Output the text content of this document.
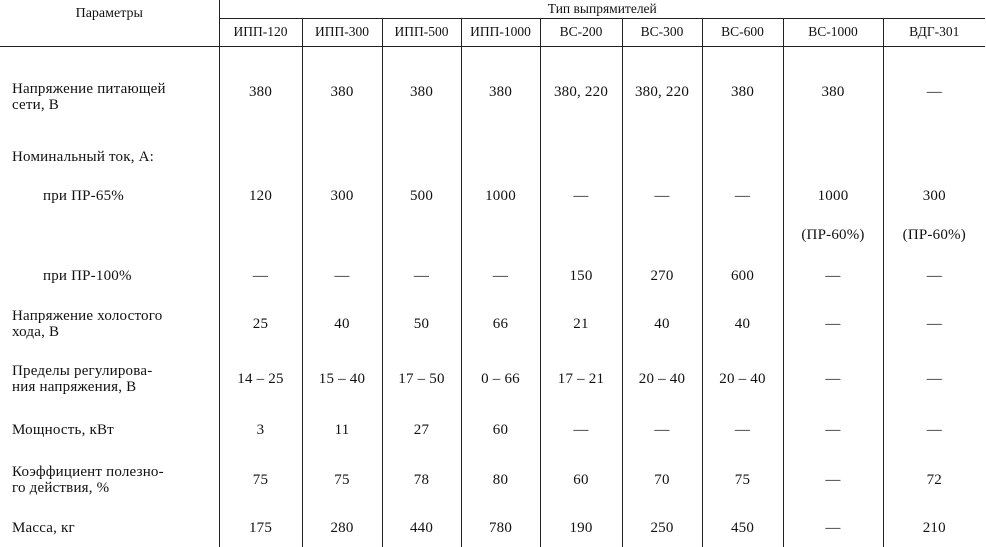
Параметры	Тип выпрямителей								
	ИПП-120	ИПП-300	ИПП-500	ИПП-1000	ВС-200	ВС-300	ВС-600	ВС-1000	ВДГ-301

Напряжение питающей
сети, В	380	380	380	380	380, 220	380, 220	380	380	—

Номинальный ток, А:									

при ПР-65%	120	300	500	1000	—	—	—	1000	300

								(ПР-60%)	(ПР-60%)

при ПР-100%	—	—	—	—	150	270	600	—	—

Напряжение холостого
хода, В	25	40	50	66	21	40	40	—	—

Пределы регулирова-
ния напряжения, В	14 – 25	15 – 40	17 – 50	0 – 66	17 – 21	20 – 40	20 – 40	—	—

Мощность, кВт	3	11	27	60	—	—	—	—	—

Коэффициент полезно-
го действия, %	75	75	78	80	60	70	75	—	72

Масса, кг	175	280	440	780	190	250	450	—	210
